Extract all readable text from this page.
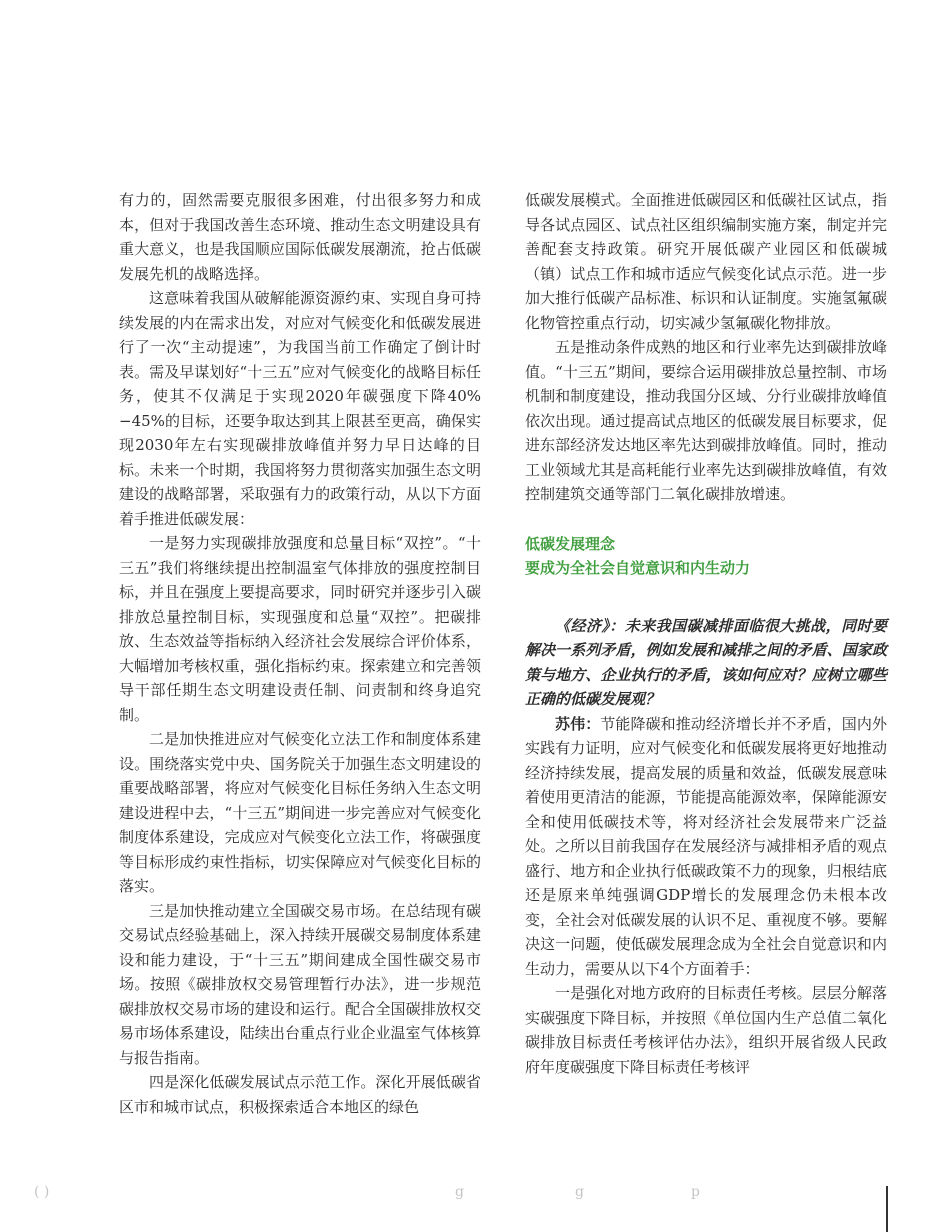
有力的，固然需要克服很多困难，付出很多努力和成本，但对于我国改善生态环境、推动生态文明建设具有重大意义，也是我国顺应国际低碳发展潮流，抢占低碳发展先机的战略选择。

这意味着我国从破解能源资源约束、实现自身可持续发展的内在需求出发，对应对气候变化和低碳发展进行了一次“主动提速”，为我国当前工作确定了倒计时表。需及早谋划好“十三五”应对气候变化的战略目标任务，使其不仅满足于实现2020年碳强度下降40%−45%的目标，还要争取达到其上限甚至更高，确保实现2030年左右实现碳排放峰值并努力早日达峰的目标。未来一个时期，我国将努力贯彻落实加强生态文明建设的战略部署，采取强有力的政策行动，从以下方面着手推进低碳发展：

一是努力实现碳排放强度和总量目标“双控”。“十三五”我们将继续提出控制温室气体排放的强度控制目标，并且在强度上要提高要求，同时研究并逐步引入碳排放总量控制目标，实现强度和总量“双控”。把碳排放、生态效益等指标纳入经济社会发展综合评价体系，大幅增加考核权重，强化指标约束。探索建立和完善领导干部任期生态文明建设责任制、问责制和终身追究制。

二是加快推进应对气候变化立法工作和制度体系建设。围绕落实党中央、国务院关于加强生态文明建设的重要战略部署，将应对气候变化目标任务纳入生态文明建设进程中去，“十三五”期间进一步完善应对气候变化制度体系建设，完成应对气候变化立法工作，将碳强度等目标形成约束性指标，切实保障应对气候变化目标的落实。

三是加快推动建立全国碳交易市场。在总结现有碳交易试点经验基础上，深入持续开展碳交易制度体系建设和能力建设，于“十三五”期间建成全国性碳交易市场。按照《碳排放权交易管理暂行办法》，进一步规范碳排放权交易市场的建设和运行。配合全国碳排放权交易市场体系建设，陆续出台重点行业企业温室气体核算与报告指南。

四是深化低碳发展试点示范工作。深化开展低碳省区市和城市试点，积极探索适合本地区的绿色

低碳发展模式。全面推进低碳园区和低碳社区试点，指导各试点园区、试点社区组织编制实施方案，制定并完善配套支持政策。研究开展低碳产业园区和低碳城（镇）试点工作和城市适应气候变化试点示范。进一步加大推行低碳产品标准、标识和认证制度。实施氢氟碳化物管控重点行动，切实减少氢氟碳化物排放。

五是推动条件成熟的地区和行业率先达到碳排放峰值。“十三五”期间，要综合运用碳排放总量控制、市场机制和制度建设，推动我国分区域、分行业碳排放峰值依次出现。通过提高试点地区的低碳发展目标要求，促进东部经济发达地区率先达到碳排放峰值。同时，推动工业领域尤其是高耗能行业率先达到碳排放峰值，有效控制建筑交通等部门二氧化碳排放增速。

低碳发展理念

要成为全社会自觉意识和内生动力

《经济》：未来我国碳减排面临很大挑战，同时要解决一系列矛盾，例如发展和减排之间的矛盾、国家政策与地方、企业执行的矛盾，该如何应对？应树立哪些正确的低碳发展观？

苏伟：节能降碳和推动经济增长并不矛盾，国内外实践有力证明，应对气候变化和低碳发展将更好地推动经济持续发展，提高发展的质量和效益，低碳发展意味着使用更清洁的能源，节能提高能源效率，保障能源安全和使用低碳技术等，将对经济社会发展带来广泛益处。之所以目前我国存在发展经济与减排相矛盾的观点盛行、地方和企业执行低碳政策不力的现象，归根结底还是原来单纯强调GDP增长的发展理念仍未根本改变，全社会对低碳发展的认识不足、重视度不够。要解决这一问题，使低碳发展理念成为全社会自觉意识和内生动力，需要从以下4个方面着手：

一是强化对地方政府的目标责任考核。层层分解落实碳强度下降目标，并按照《单位国内生产总值二氧化碳排放目标责任考核评估办法》，组织开展省级人民政府年度碳强度下降目标责任考核评

( )	g	g	p
